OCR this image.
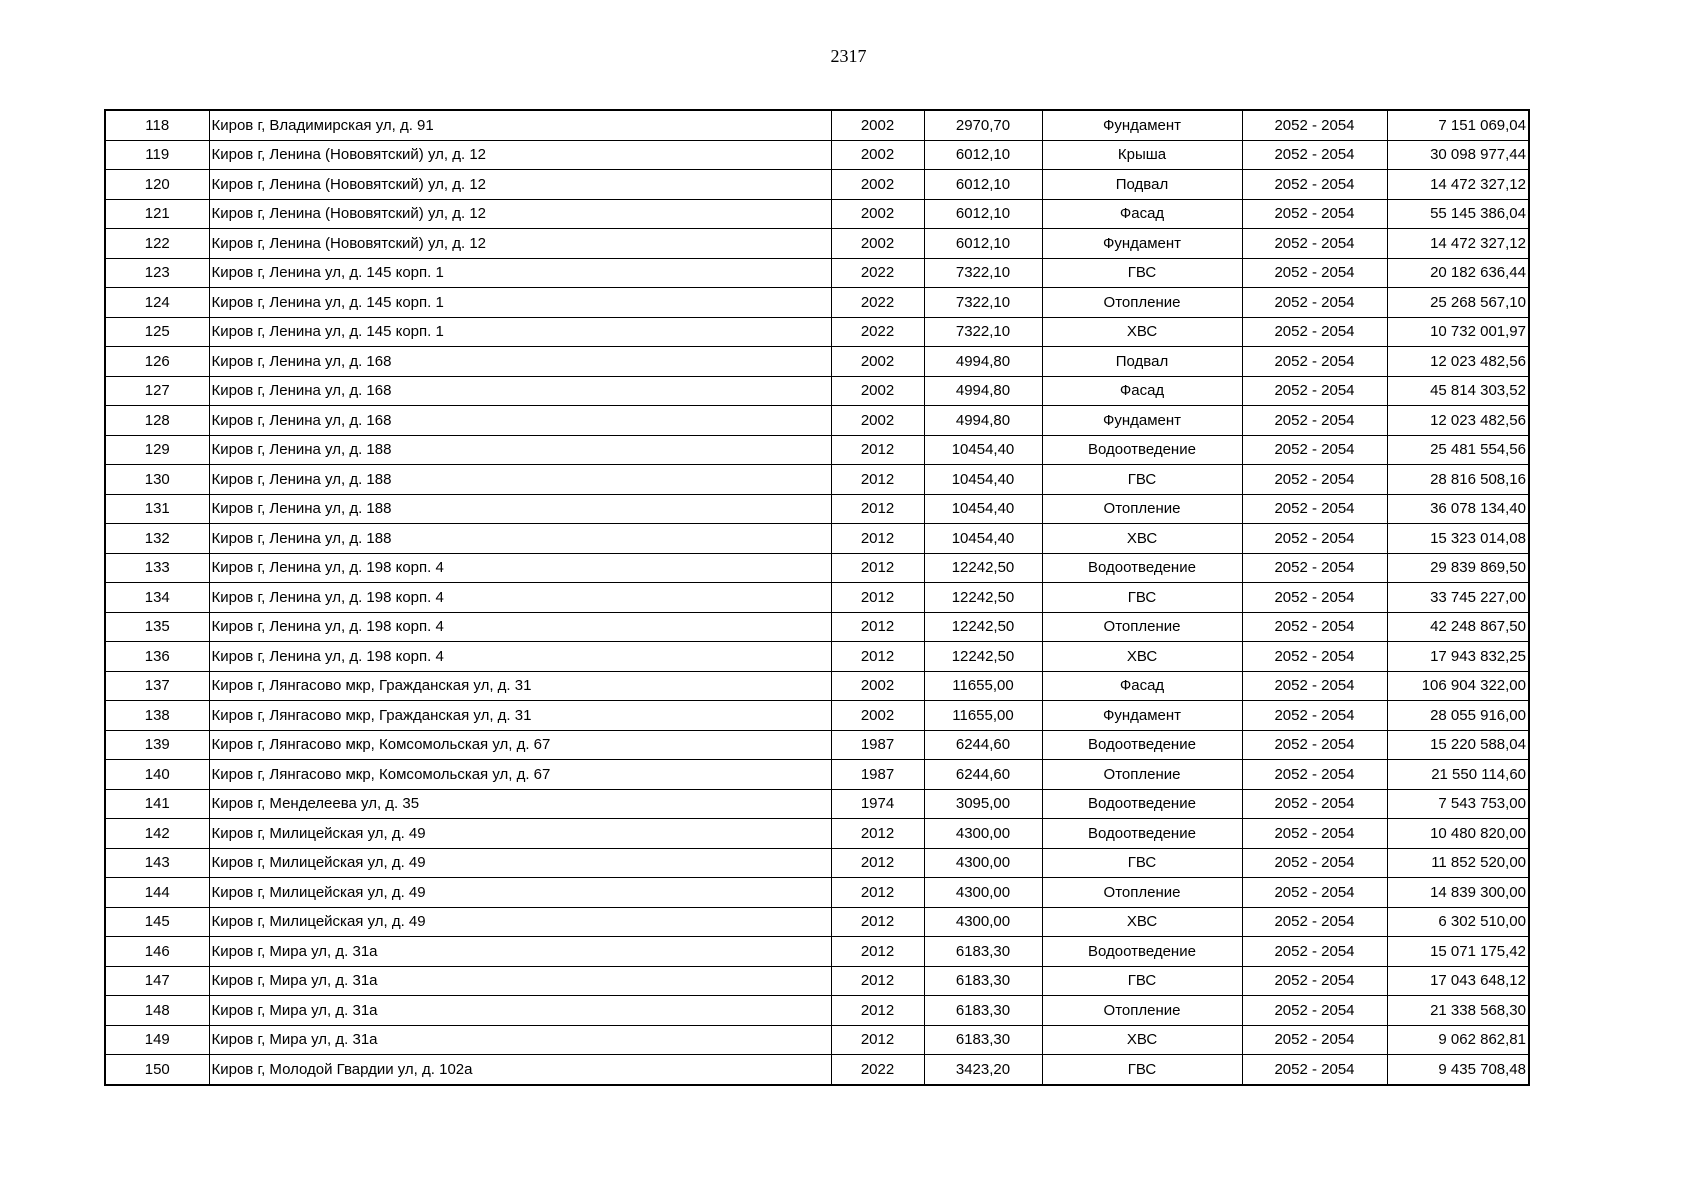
2317
118	Киров г, Владимирская ул, д. 91	2002	2970,70	Фундамент	2052 - 2054	7 151 069,04
119	Киров г, Ленина (Нововятский) ул, д. 12	2002	6012,10	Крыша	2052 - 2054	30 098 977,44
120	Киров г, Ленина (Нововятский) ул, д. 12	2002	6012,10	Подвал	2052 - 2054	14 472 327,12
121	Киров г, Ленина (Нововятский) ул, д. 12	2002	6012,10	Фасад	2052 - 2054	55 145 386,04
122	Киров г, Ленина (Нововятский) ул, д. 12	2002	6012,10	Фундамент	2052 - 2054	14 472 327,12
123	Киров г, Ленина ул, д. 145 корп. 1	2022	7322,10	ГВС	2052 - 2054	20 182 636,44
124	Киров г, Ленина ул, д. 145 корп. 1	2022	7322,10	Отопление	2052 - 2054	25 268 567,10
125	Киров г, Ленина ул, д. 145 корп. 1	2022	7322,10	ХВС	2052 - 2054	10 732 001,97
126	Киров г, Ленина ул, д. 168	2002	4994,80	Подвал	2052 - 2054	12 023 482,56
127	Киров г, Ленина ул, д. 168	2002	4994,80	Фасад	2052 - 2054	45 814 303,52
128	Киров г, Ленина ул, д. 168	2002	4994,80	Фундамент	2052 - 2054	12 023 482,56
129	Киров г, Ленина ул, д. 188	2012	10454,40	Водоотведение	2052 - 2054	25 481 554,56
130	Киров г, Ленина ул, д. 188	2012	10454,40	ГВС	2052 - 2054	28 816 508,16
131	Киров г, Ленина ул, д. 188	2012	10454,40	Отопление	2052 - 2054	36 078 134,40
132	Киров г, Ленина ул, д. 188	2012	10454,40	ХВС	2052 - 2054	15 323 014,08
133	Киров г, Ленина ул, д. 198 корп. 4	2012	12242,50	Водоотведение	2052 - 2054	29 839 869,50
134	Киров г, Ленина ул, д. 198 корп. 4	2012	12242,50	ГВС	2052 - 2054	33 745 227,00
135	Киров г, Ленина ул, д. 198 корп. 4	2012	12242,50	Отопление	2052 - 2054	42 248 867,50
136	Киров г, Ленина ул, д. 198 корп. 4	2012	12242,50	ХВС	2052 - 2054	17 943 832,25
137	Киров г, Лянгасово мкр, Гражданская ул, д. 31	2002	11655,00	Фасад	2052 - 2054	106 904 322,00
138	Киров г, Лянгасово мкр, Гражданская ул, д. 31	2002	11655,00	Фундамент	2052 - 2054	28 055 916,00
139	Киров г, Лянгасово мкр, Комсомольская ул, д. 67	1987	6244,60	Водоотведение	2052 - 2054	15 220 588,04
140	Киров г, Лянгасово мкр, Комсомольская ул, д. 67	1987	6244,60	Отопление	2052 - 2054	21 550 114,60
141	Киров г, Менделеева ул, д. 35	1974	3095,00	Водоотведение	2052 - 2054	7 543 753,00
142	Киров г, Милицейская ул, д. 49	2012	4300,00	Водоотведение	2052 - 2054	10 480 820,00
143	Киров г, Милицейская ул, д. 49	2012	4300,00	ГВС	2052 - 2054	11 852 520,00
144	Киров г, Милицейская ул, д. 49	2012	4300,00	Отопление	2052 - 2054	14 839 300,00
145	Киров г, Милицейская ул, д. 49	2012	4300,00	ХВС	2052 - 2054	6 302 510,00
146	Киров г, Мира ул, д. 31а	2012	6183,30	Водоотведение	2052 - 2054	15 071 175,42
147	Киров г, Мира ул, д. 31а	2012	6183,30	ГВС	2052 - 2054	17 043 648,12
148	Киров г, Мира ул, д. 31а	2012	6183,30	Отопление	2052 - 2054	21 338 568,30
149	Киров г, Мира ул, д. 31а	2012	6183,30	ХВС	2052 - 2054	9 062 862,81
150	Киров г, Молодой Гвардии ул, д. 102а	2022	3423,20	ГВС	2052 - 2054	9 435 708,48
